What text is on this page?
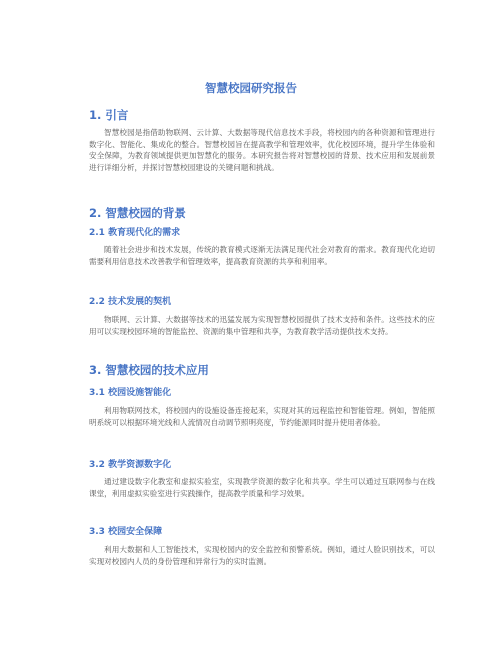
智慧校园研究报告
1. 引言

智慧校园是指借助物联网、云计算、大数据等现代信息技术手段，将校园内的各种资源和管理进行数字化、智能化、集成化的整合。智慧校园旨在提高教学和管理效率，优化校园环境，提升学生体验和安全保障，为教育领域提供更加智慧化的服务。本研究报告将对智慧校园的背景、技术应用和发展前景进行详细分析，并探讨智慧校园建设的关键问题和挑战。

2. 智慧校园的背景
2.1 教育现代化的需求

随着社会进步和技术发展，传统的教育模式逐渐无法满足现代社会对教育的需求。教育现代化迫切需要利用信息技术改善教学和管理效率，提高教育资源的共享和利用率。

2.2 技术发展的契机

物联网、云计算、大数据等技术的迅猛发展为实现智慧校园提供了技术支持和条件。这些技术的应用可以实现校园环境的智能监控、资源的集中管理和共享，为教育教学活动提供技术支持。

3. 智慧校园的技术应用
3.1 校园设施智能化

利用物联网技术，将校园内的设施设备连接起来，实现对其的远程监控和智能管理。例如，智能照明系统可以根据环境光线和人流情况自动调节照明亮度，节约能源同时提升使用者体验。

3.2 教学资源数字化

通过建设数字化教室和虚拟实验室，实现教学资源的数字化和共享。学生可以通过互联网参与在线课堂，利用虚拟实验室进行实践操作，提高教学质量和学习效果。

3.3 校园安全保障

利用大数据和人工智能技术，实现校园内的安全监控和预警系统。例如，通过人脸识别技术，可以实现对校园内人员的身份管理和异常行为的实时监测。
